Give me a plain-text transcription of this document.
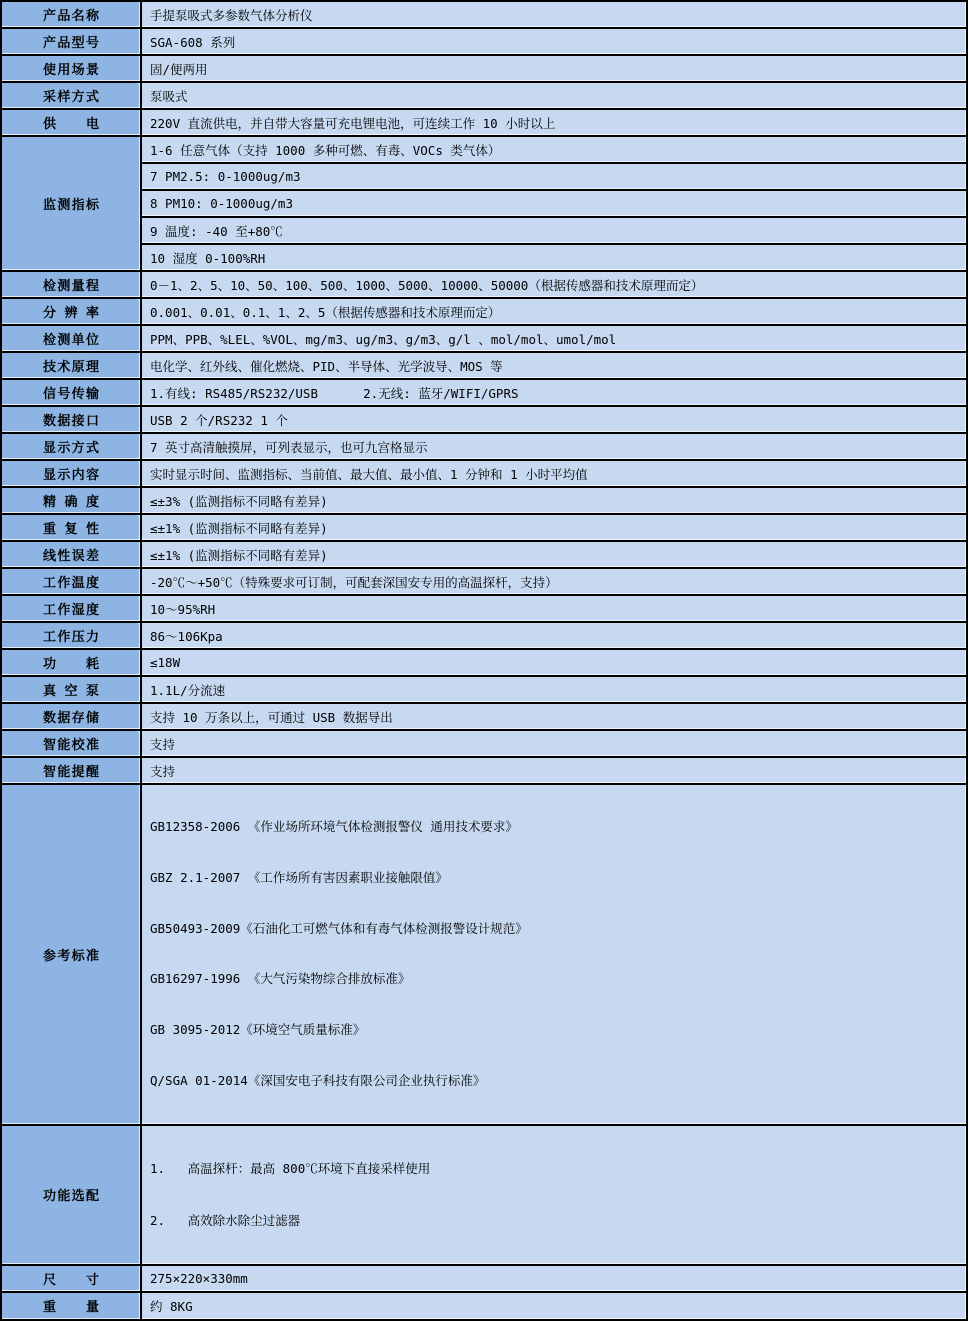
产品名称	手提泵吸式多参数气体分析仪

产品型号	SGA-608 系列

使用场景	固/便两用

采样方式	泵吸式

供电	220V 直流供电，并自带大容量可充电锂电池，可连续工作 10 小时以上

监测指标	1-6 任意气体（支持 1000 多种可燃、有毒、VOCs 类气体）
	7 PM2.5: 0-1000ug/m3
	8 PM10: 0-1000ug/m3
	9 温度: -40 至+80℃
	10 湿度 0-100%RH

检测量程	0－1、2、5、10、50、100、500、1000、5000、10000、50000（根据传感器和技术原理而定）

分辨率	0.001、0.01、0.1、1、2、5（根据传感器和技术原理而定）

检测单位	PPM、PPB、%LEL、%VOL、mg/m3、ug/m3、g/m3、g/l 、mol/mol、umol/mol

技术原理	电化学、红外线、催化燃烧、PID、半导体、光学波导、MOS 等

信号传输	1.有线: RS485/RS232/USB      2.无线: 蓝牙/WIFI/GPRS

数据接口	USB 2 个/RS232 1 个

显示方式	7 英寸高清触摸屏，可列表显示，也可九宫格显示

显示内容	实时显示时间、监测指标、当前值、最大值、最小值、1 分钟和 1 小时平均值

精确度	≤±3% (监测指标不同略有差异)

重复性	≤±1% (监测指标不同略有差异)

线性误差	≤±1% (监测指标不同略有差异)

工作温度	-20℃～+50℃（特殊要求可订制，可配套深国安专用的高温探杆，支持）

工作湿度	10～95%RH

工作压力	86～106Kpa

功耗	≤18W

真空泵	1.1L/分流速

数据存储	支持 10 万条以上，可通过 USB 数据导出

智能校准	支持

智能提醒	支持

参考标准

GB12358-2006 《作业场所环境气体检测报警仪 通用技术要求》

GBZ 2.1-2007 《工作场所有害因素职业接触限值》

GB50493-2009《石油化工可燃气体和有毒气体检测报警设计规范》

GB16297-1996 《大气污染物综合排放标准》

GB 3095-2012《环境空气质量标准》

Q/SGA 01-2014《深国安电子科技有限公司企业执行标准》

功能选配	1.   高温探杆：最高 800℃环境下直接采样使用

2.   高效除水除尘过滤器

尺寸	275×220×330mm

重量	约 8KG
